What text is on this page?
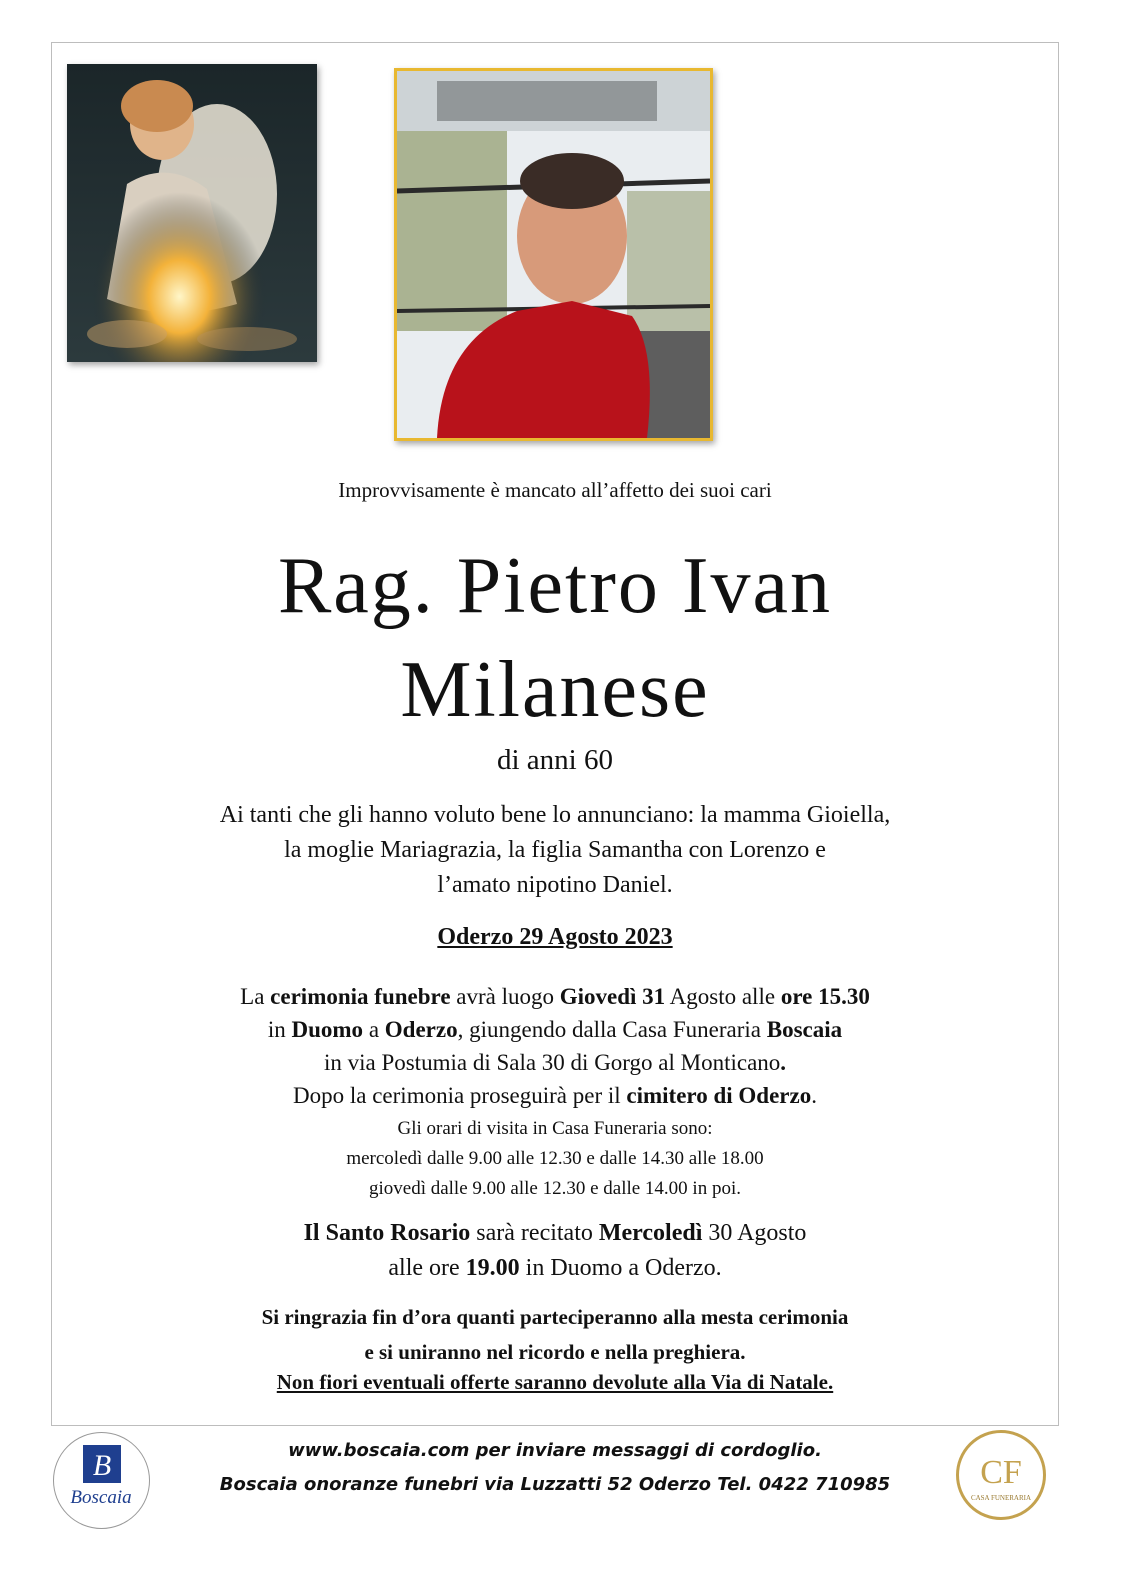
Improvvisamente è mancato all’affetto dei suoi cari
Rag. Pietro Ivan
Milanese
di anni 60
Ai tanti che gli hanno voluto bene lo annunciano: la mamma Gioiella,
la moglie Mariagrazia, la figlia Samantha con Lorenzo e
l’amato nipotino Daniel.
Oderzo 29 Agosto 2023
La cerimonia funebre avrà luogo Giovedì 31 Agosto alle ore 15.30
in Duomo a Oderzo, giungendo dalla Casa Funeraria Boscaia
in via Postumia di Sala 30 di Gorgo al Monticano.
Dopo la cerimonia proseguirà per il cimitero di Oderzo.
Gli orari di visita in Casa Funeraria sono:
mercoledì dalle 9.00 alle 12.30 e dalle 14.30 alle 18.00
giovedì dalle 9.00 alle 12.30 e dalle 14.00 in poi.
Il Santo Rosario sarà recitato Mercoledì 30 Agosto
alle ore 19.00 in Duomo a Oderzo.
Si ringrazia fin d’ora quanti parteciperanno alla mesta cerimonia
e si uniranno nel ricordo e nella preghiera.
Non fiori eventuali offerte saranno devolute alla Via di Natale.
B
Boscaia
www.boscaia.com per inviare messaggi di cordoglio.
Boscaia onoranze funebri via Luzzatti 52 Oderzo Tel. 0422 710985	CF
CASA FUNERARIA
